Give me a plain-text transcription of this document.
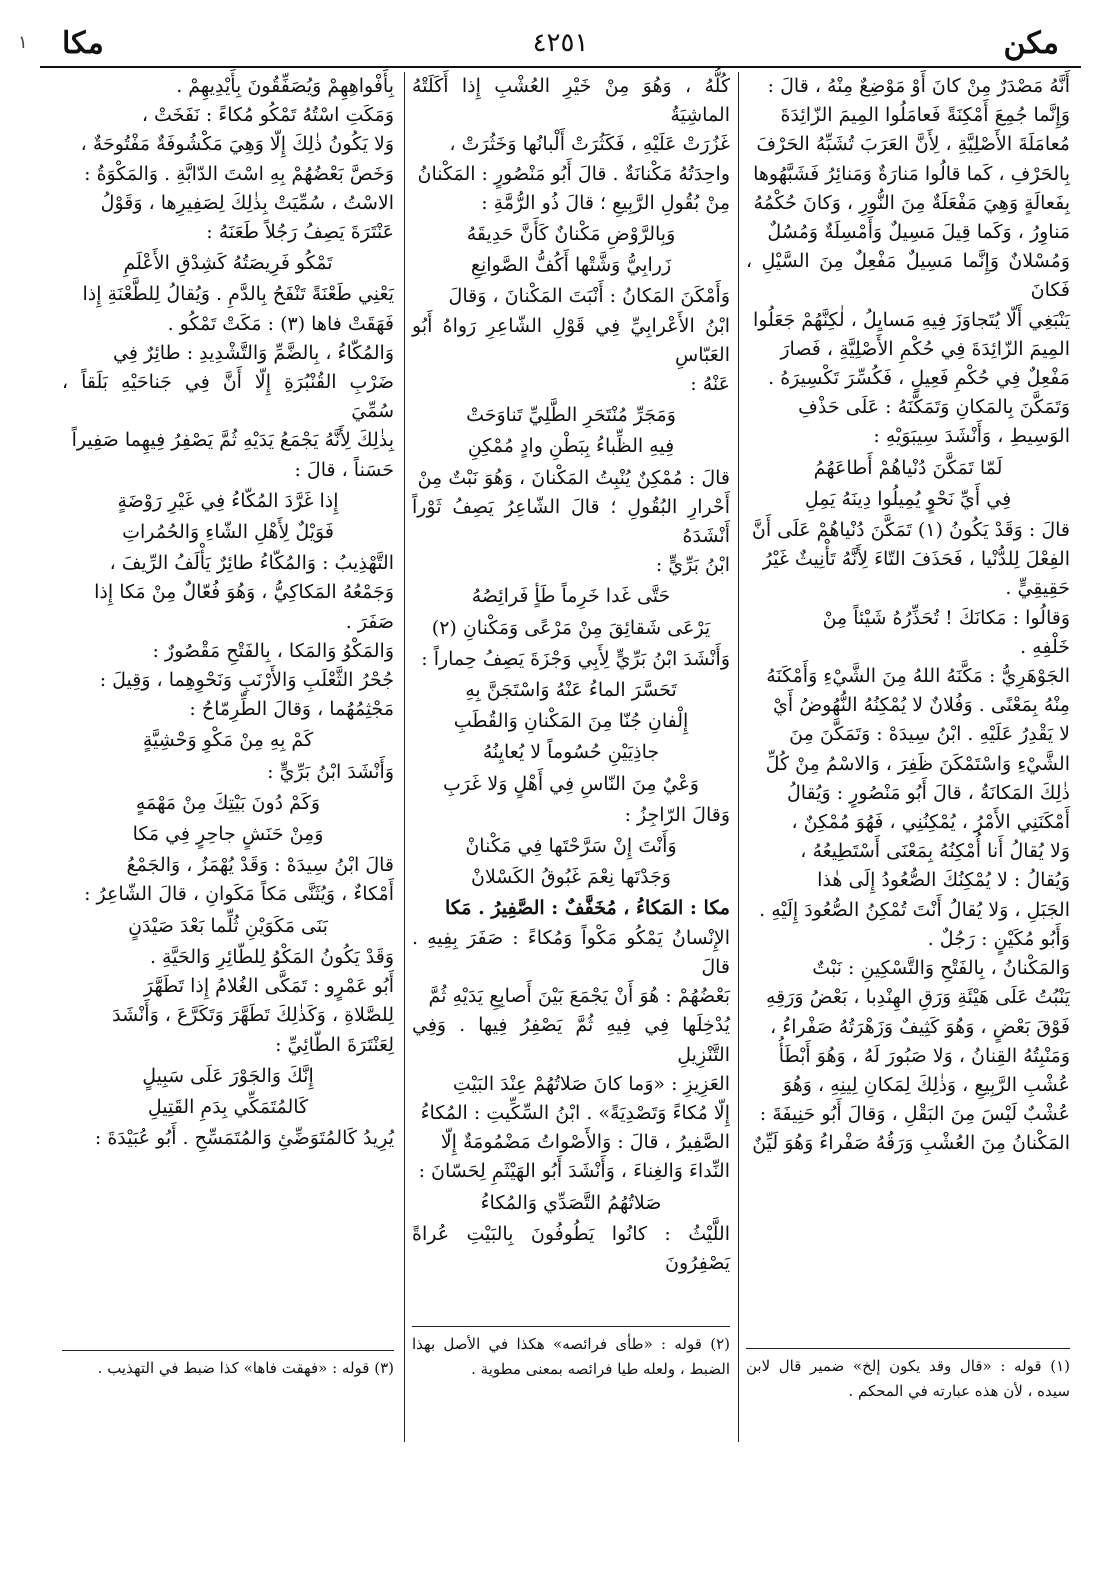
مكن
٤٢٥١
مكا
١

أَنَّهُ مَصْدَرٌ مِنْ كانَ أَوْ مَوْضِعٌ مِنْهُ ، قالَ :

وَإِنَّما جُمِعَ أَمْكِنَةً فَعامَلُوا المِيمَ الزّائِدَةَ

مُعامَلَةَ الأَصْلِيَّةِ ، لِأَنَّ العَرَبَ تُشَبِّهُ الحَرْفَ

بِالحَرْفِ ، كَما قالُوا مَنارَةٌ وَمَنائِرُ فَشَبَّهُوها

بِفَعالَةٍ وَهِيَ مَفْعَلَةٌ مِنَ النُّورِ ، وَكانَ حُكْمُهُ

مَناوِرُ ، وَكَما قِيلَ مَسِيلٌ وَأَمْسِلَةٌ وَمُسُلٌ

وَمُسْلانٌ وَإِنَّما مَسِيلٌ مَفْعِلٌ مِنَ السَّيْلِ ، فَكانَ

يَنْبَغِي أَلّا يُتَجاوَزَ فِيهِ مَسايِلُ ، لٰكِنَّهُمْ جَعَلُوا

المِيمَ الزّائِدَةَ فِي حُكْمِ الأَصْلِيَّةِ ، فَصارَ

مَفْعِلٌ فِي حُكْمِ فَعِيلٍ ، فَكُسِّرَ تَكْسِيرَهُ .

وَتَمَكَّنَ بِالمَكانِ وَتَمَكَّنَهُ : عَلَى حَذْفِ

الوَسِيطِ ، وَأَنْشَدَ سِيبَوَيْهِ :

لَمّا تَمَكَّنَ دُنْياهُمْ أَطاعَهُمُ

فِي أَيِّ نَحْوٍ يُمِيلُوا دِينَهُ يَمِلِ

قالَ : وَقَدْ يَكُونُ (١) تَمَكَّنَ دُنْياهُمْ عَلَى أَنَّ

الفِعْلَ لِلدُّنْيا ، فَحَذَفَ التّاءَ لِأَنَّهُ تَأْنِيثٌ غَيْرُ

حَقِيقِيٍّ .

وَقالُوا : مَكانَكَ ! تُحَذِّرُهُ شَيْئاً مِنْ

خَلْفِهِ .

الجَوْهَرِيُّ : مَكَّنَهُ اللهُ مِنَ الشَّيْءِ وَأَمْكَنَهُ

مِنْهُ بِمَعْنًى . وَفُلانٌ لا يُمْكِنُهُ النُّهُوضُ أَيْ

لا يَقْدِرُ عَلَيْهِ . ابْنُ سِيدَهْ : وَتَمَكَّنَ مِنَ

الشَّيْءِ وَاسْتَمْكَنَ ظَفِرَ ، وَالاسْمُ مِنْ كُلِّ

ذٰلِكَ المَكانَةُ ، قالَ أَبُو مَنْصُورٍ : وَيُقالُ

أَمْكَنَنِي الأَمْرُ ، يُمْكِنُنِي ، فَهُوَ مُمْكِنٌ ،

وَلا يُقالُ أَنا أُمْكِنُهُ بِمَعْنَى أَسْتَطِيعُهُ ،

وَيُقالُ : لا يُمْكِنُكَ الصُّعُودُ إِلَى هٰذا

الجَبَلِ ، وَلا يُقالُ أَنْتَ تُمْكِنُ الصُّعُودَ إِلَيْهِ .

وَأَبُو مُكَيْنٍ : رَجُلٌ .

وَالمَكْنانُ ، بِالفَتْحِ وَالتَّسْكِينِ : نَبْتٌ

يَنْبُتُ عَلَى هَيْئَةِ وَرَقِ الهِنْدِبا ، بَعْضُ وَرَقِهِ

فَوْقَ بَعْضٍ ، وَهُوَ كَثِيفٌ وَزَهْرَتُهُ صَفْراءُ ،

وَمَنْبِتُهُ القِنانُ ، وَلا صَبُورَ لَهُ ، وَهُوَ أَبْطَأُ

عُشْبِ الرَّبِيعِ ، وَذٰلِكَ لِمَكانِ لِينِهِ ، وَهُوَ

عُشْبٌ لَيْسَ مِنَ البَقْلِ ، وَقالَ أَبُو حَنِيفَةَ :

المَكْنانُ مِنَ العُشْبِ وَرَقُهُ صَفْراءُ وَهُوَ لَيِّنٌ

كُلُّهُ ، وَهُوَ مِنْ خَيْرِ العُشْبِ إِذا أَكَلَتْهُ الماشِيَةُ

غَزُرَتْ عَلَيْهِ ، فَكَثُرَتْ أَلْبانُها وَخَثُرَتْ ،

واحِدَتُهُ مَكْنانَةٌ . قالَ أَبُو مَنْصُورٍ : المَكْنانُ

مِنْ بُقُولِ الرَّبِيعِ ؛ قالَ ذُو الرُّمَّةِ :

وَبِالرَّوْضِ مَكْنانٌ كَأَنَّ حَدِيقَهُ

زَرابِيُّ وَشَّتْها أَكُفُّ الصَّوانِعِ

وَأَمْكَنَ المَكانُ : أَنْبَتَ المَكْنانَ ، وَقالَ

ابْنُ الأَعْرابِيِّ فِي قَوْلِ الشّاعِرِ رَواهُ أَبُو العَبّاسِ

عَنْهُ :

وَمَجَرِّ مُنْتَحَرِ الطَّلِيِّ تَناوَحَتْ

فِيهِ الظِّباءُ بِبَطْنِ وادٍ مُمْكِنِ

قالَ : مُمْكِنٌ يُنْبِتُ المَكْنانَ ، وَهُوَ نَبْتٌ مِنْ

أَحْرارِ البُقُولِ ؛ قالَ الشّاعِرُ يَصِفُ ثَوْراً أَنْشَدَهُ

ابْنُ بَرِّيٍّ :

حَتَّى غَدا خَرِماً طَأٍ فَرائِصُهُ

يَرْعَى شَقائِقَ مِنْ مَرْعًى وَمَكْنانِ (٢)

وَأَنْشَدَ ابْنُ بَرِّيٍّ لِأَبِي وَجْزَةَ يَصِفُ حِماراً :

تَحَسَّرَ الماءُ عَنْهُ وَاسْتَجَنَّ بِهِ

إِلْفانِ جُنّا مِنَ المَكْنانِ وَالقُطَبِ

جاذِيَيْنِ حُسُوماً لا يُعايِنُهُ

وَعْيٌ مِنَ النّاسِ فِي أَهْلٍ وَلا غَرَبِ

وَقالَ الرّاجِزُ :

وَأَنْتَ إِنْ سَرَّحْتَها فِي مَكْنانْ

وَجَدْتَها نِعْمَ غَبُوقُ الكَسْلانْ

مكا : المَكاءُ ، مُخَفَّفٌ : الصَّفِيرُ . مَكا

الإِنْسانُ يَمْكُو مَكْواً وَمُكاءً : صَفَرَ بِفِيهِ . قالَ

بَعْضُهُمْ : هُوَ أَنْ يَجْمَعَ بَيْنَ أَصابِعِ يَدَيْهِ ثُمَّ

يُدْخِلَها فِي فِيهِ ثُمَّ يَصْفِرُ فِيها . وَفِي التَّنْزِيلِ

العَزِيزِ : «وَما كانَ صَلاتُهُمْ عِنْدَ البَيْتِ

إِلّا مُكاءً وَتَصْدِيَةً» . ابْنُ السِّكِّيتِ : المُكاءُ

الصَّفِيرُ ، قالَ : وَالأَصْواتُ مَضْمُومَةٌ إِلّا

النِّداءَ وَالغِناءَ ، وَأَنْشَدَ أَبُو الهَيْثَمِ لِحَسّانَ :

صَلاتُهُمُ التَّصَدِّي وَالمُكاءُ

اللَّيْثُ : كانُوا يَطُوفُونَ بِالبَيْتِ عُراةً يَصْفِرُونَ

بِأَفْواهِهِمْ وَيُصَفِّقُونَ بِأَيْدِيهِمْ .

وَمَكَتِ اسْتُهُ تَمْكُو مُكاءً : نَفَخَتْ ،

وَلا يَكُونُ ذٰلِكَ إِلّا وَهِيَ مَكْشُوفَةٌ مَفْتُوحَةٌ ،

وَخَصَّ بَعْضُهُمْ بِهِ اسْتَ الدّابَّةِ . وَالمَكْوَةُ :

الاسْتُ ، سُمِّيَتْ بِذٰلِكَ لِصَفِيرِها ، وَقَوْلُ

عَنْتَرَةَ يَصِفُ رَجُلاً طَعَنَهُ :

تَمْكُو فَرِيصَتُهُ كَشِدْقِ الأَعْلَمِ

يَعْنِي طَعْنَةً تَنْفَحُ بِالدَّمِ . وَيُقالُ لِلطَّعْنَةِ إِذا

فَهَقَتْ فاها (٣) : مَكَتْ تَمْكُو .

وَالمُكّاءُ ، بِالضَّمِّ وَالتَّشْدِيدِ : طائِرٌ فِي

ضَرْبِ القُنْبُرَةِ إِلّا أَنَّ فِي جَناحَيْهِ بَلَقاً ، سُمِّيَ

بِذٰلِكَ لِأَنَّهُ يَجْمَعُ يَدَيْهِ ثُمَّ يَصْفِرُ فِيهِما صَفِيراً

حَسَناً ، قالَ :

إِذا غَرَّدَ المُكّاءُ فِي غَيْرِ رَوْضَةٍ

فَوَيْلٌ لِأَهْلِ الشّاءِ وَالحُمُراتِ

التَّهْذِيبُ : وَالمُكّاءُ طائِرٌ يَأْلَفُ الرِّيفَ ،

وَجَمْعُهُ المَكاكِيُّ ، وَهُوَ فُعّالٌ مِنْ مَكا إِذا

صَفَرَ .

وَالمَكْوُ وَالمَكا ، بِالفَتْحِ مَقْصُورٌ :

جُحْرُ الثَّعْلَبِ وَالأَرْنَبِ وَنَحْوِهِما ، وَقِيلَ :

مَجْثِمُهُما ، وَقالَ الطِّرِمّاحُ :

كَمْ بِهِ مِنْ مَكْوِ وَحْشِيَّةٍ

وَأَنْشَدَ ابْنُ بَرِّيٍّ :

وَكَمْ دُونَ بَيْتِكَ مِنْ مَهْمَهٍ

وَمِنْ حَنَشٍ جاحِرٍ فِي مَكا

قالَ ابْنُ سِيدَهْ : وَقَدْ يُهْمَزُ ، وَالجَمْعُ

أَمْكاءٌ ، وَيُثَنَّى مَكاً مَكَوانِ ، قالَ الشّاعِرُ :

بَنَى مَكَوَيْنِ ثُلِّما بَعْدَ صَيْدَنٍ

وَقَدْ يَكُونُ المَكْوُ لِلطّائِرِ وَالحَيَّةِ .

أَبُو عَمْرٍو : تَمَكَّى الغُلامُ إِذا تَطَهَّرَ

لِلصَّلاةِ ، وَكَذٰلِكَ تَطَهَّرَ وَتَكَرَّعَ ، وَأَنْشَدَ

لِعَنْتَرَةَ الطّائِيِّ :

إِنَّكَ وَالجَوْرَ عَلَى سَبِيلٍ

كَالمُتَمَكِّي بِدَمِ القَتِيلِ

يُرِيدُ كَالمُتَوَضِّئِ وَالمُتَمَسِّحِ . أَبُو عُبَيْدَةَ :

(١) قوله : «قال وقد يكون إلخ» ضمير قال لابن سيده ، لأن هذه عبارته في المحكم .
(٢) قوله : «طأى فرائصه» هكذا في الأصل بهذا الضبط ، ولعله طيا فرائصه بمعنى مطوية .
(٣) قوله : «فهقت فاها» كذا ضبط في التهذيب .
